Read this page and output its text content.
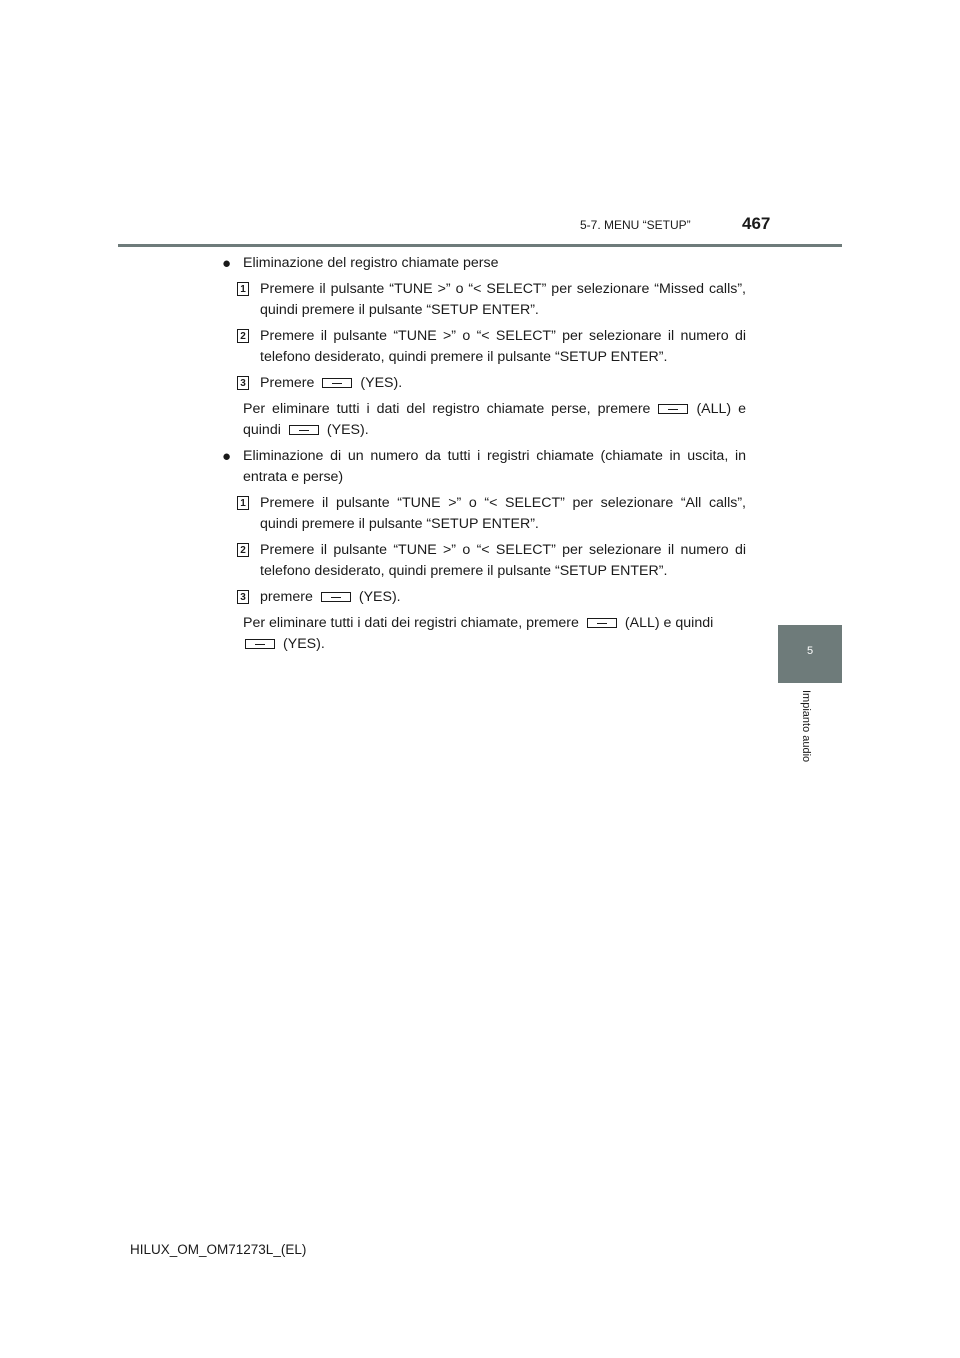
5-7. MENU “SETUP”	467
5
Impianto audio

● Eliminazione del registro chiamate perse

1 Premere il pulsante “TUNE >” o “< SELECT” per selezionare “Missed calls”, quindi premere il pulsante “SETUP ENTER”.
2 Premere il pulsante “TUNE >” o “< SELECT” per selezionare il numero di telefono desiderato, quindi premere il pulsante “SETUP ENTER”.
3 Premere	(YES).
Per eliminare tutti i dati del registro chiamate perse, premere	(ALL) e quindi	(YES).

● Eliminazione di un numero da tutti i registri chiamate (chiamate in uscita, in entrata e perse)

1 Premere il pulsante “TUNE >” o “< SELECT” per selezionare “All calls”, quindi premere il pulsante “SETUP ENTER”.
2 Premere il pulsante “TUNE >” o “< SELECT” per selezionare il numero di telefono desiderato, quindi premere il pulsante “SETUP ENTER”.
3 premere	(YES).
Per eliminare tutti i dati dei registri chiamate, premere	(ALL) e quindi
(YES).
HILUX_OM_OM71273L_(EL)
